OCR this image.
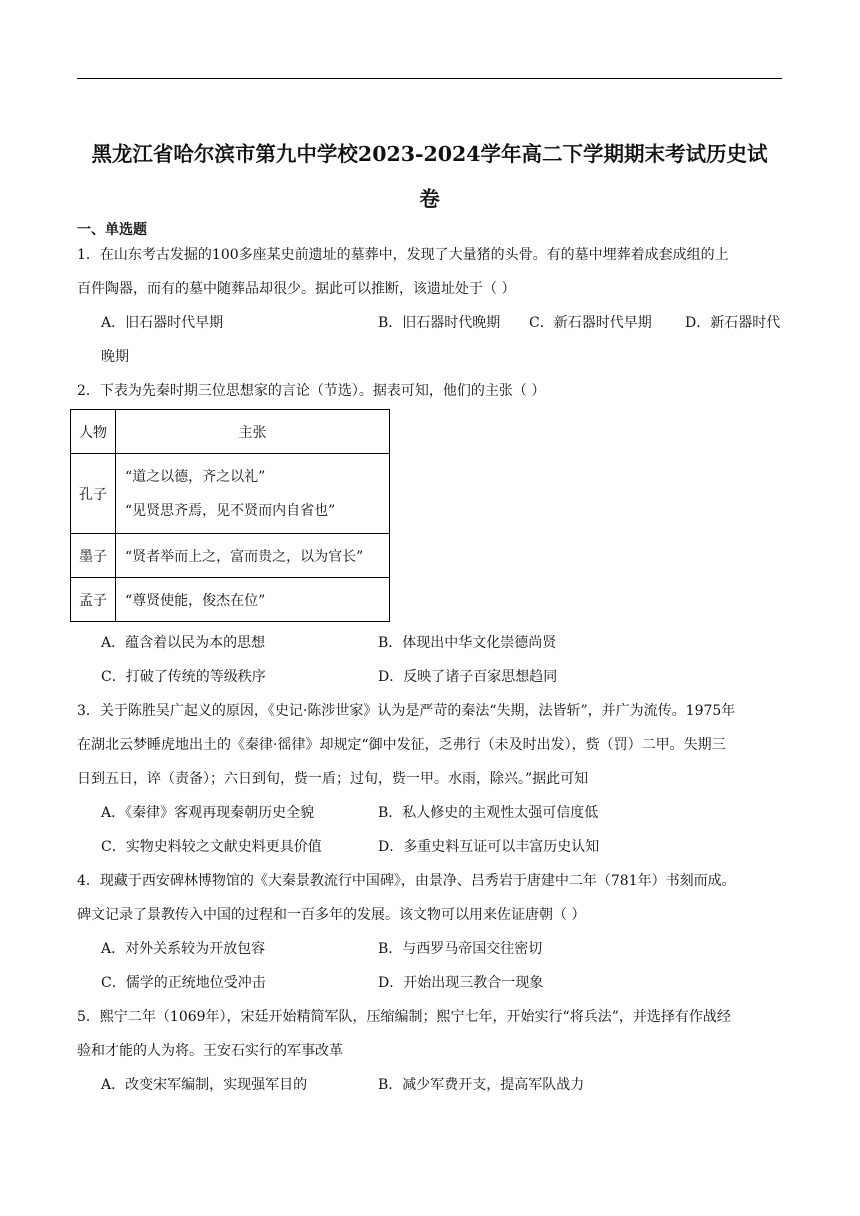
黑龙江省哈尔滨市第九中学校2023-2024学年高二下学期期末考试历史试
卷
一、单选题
1．在山东考古发掘的100多座某史前遗址的墓葬中，发现了大量猪的头骨。有的墓中埋葬着成套成组的上
百件陶器，而有的墓中随葬品却很少。据此可以推断，该遗址处于（ ）
A．旧石器时代早期	B．旧石器时代晚期 C．新石器时代早期 D．新石器时代
晚期
2．下表为先秦时期三位思想家的言论（节选）。据表可知，他们的主张（ ）
人物	主张
孔子	“道之以德，齐之以礼”
“见贤思齐焉，见不贤而内自省也”

墨子	“贤者举而上之，富而贵之，以为官长”
孟子	“尊贤使能，俊杰在位”
A．蕴含着以民为本的思想	B．体现出中华文化崇德尚贤
C．打破了传统的等级秩序	D．反映了诸子百家思想趋同
3．关于陈胜吴广起义的原因，《史记·陈涉世家》认为是严苛的秦法“失期，法皆斩”，并广为流传。1975年
在湖北云梦睡虎地出土的《秦律·徭律》却规定“御中发征，乏弗行（未及时出发），赀（罚）二甲。失期三
日到五日，谇（责备）；六日到旬，赀一盾；过旬，赀一甲。水雨，除兴。”据此可知
A．《秦律》客观再现秦朝历史全貌	B．私人修史的主观性太强可信度低
C．实物史料较之文献史料更具价值	D．多重史料互证可以丰富历史认知
4．现藏于西安碑林博物馆的《大秦景教流行中国碑》，由景净、吕秀岩于唐建中二年（781年）书刻而成。
碑文记录了景教传入中国的过程和一百多年的发展。该文物可以用来佐证唐朝（ ）
A．对外关系较为开放包容	B．与西罗马帝国交往密切
C．儒学的正统地位受冲击	D．开始出现三教合一现象
5．熙宁二年（1069年），宋廷开始精简军队，压缩编制；熙宁七年，开始实行“将兵法”，并选择有作战经
验和才能的人为将。王安石实行的军事改革
A．改变宋军编制，实现强军目的	B．减少军费开支，提高军队战力
